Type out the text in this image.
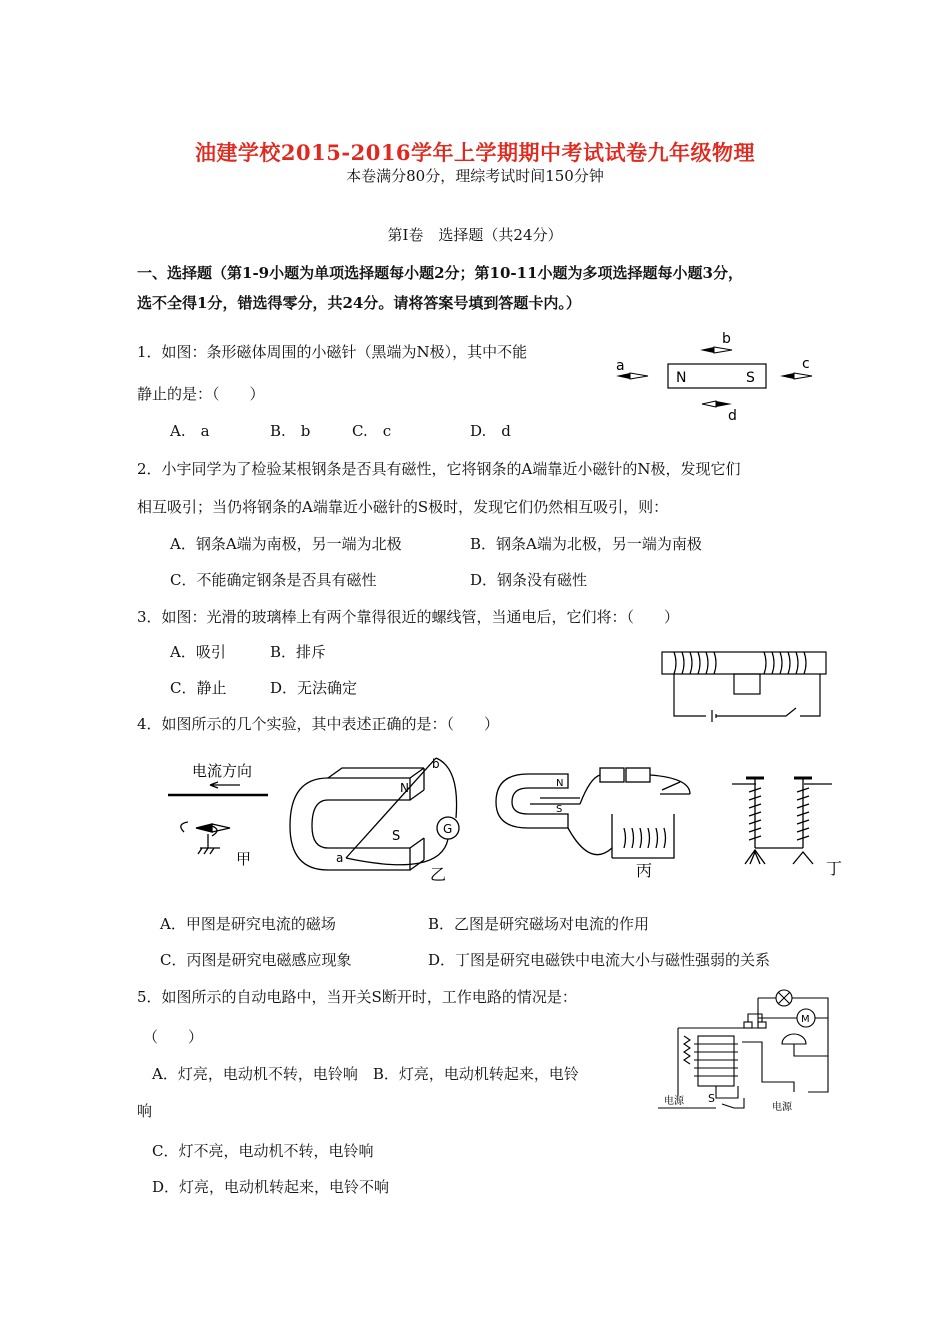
油建学校2015-2016学年上学期期中考试试卷九年级物理
本卷满分80分，理综考试时间150分钟
第Ⅰ卷　选择题（共24分）
一、选择题（第1-9小题为单项选择题每小题2分；第10-11小题为多项选择题每小题3分，
选不全得1分，错选得零分，共24分。请将答案号填到答题卡内。）
1．如图：条形磁体周围的小磁针（黑端为N极），其中不能
静止的是：（　　）
A.　a	B.　b	C.　c	D.　d
N	S
a
b
c
d
2．小宇同学为了检验某根钢条是否具有磁性，它将钢条的A端靠近小磁针的N极，发现它们
相互吸引；当仍将钢条的A端靠近小磁针的S极时，发现它们仍然相互吸引，则：
A．钢条A端为南极，另一端为北极	B．钢条A端为北极，另一端为南极
C．不能确定钢条是否具有磁性	D．钢条没有磁性
3．如图：光滑的玻璃棒上有两个靠得很近的螺线管，当通电后，它们将：（　　）
A．吸引	B．排斥
C．静止	D．无法确定
4．如图所示的几个实验，其中表述正确的是：（　　）
电流方向
甲
N
S
b
a
G
乙
N
S
丙	丁
A．甲图是研究电流的磁场	B．乙图是研究磁场对电流的作用
C．丙图是研究电磁感应现象	D．丁图是研究电磁铁中电流大小与磁性强弱的关系
5．如图所示的自动电路中，当开关S断开时，工作电路的情况是：
（　　）
A．灯亮，电动机不转，电铃响　B．灯亮，电动机转起来，电铃
响
C．灯不亮，电动机不转，电铃响
D．灯亮，电动机转起来，电铃不响
M
电源 S
电源
